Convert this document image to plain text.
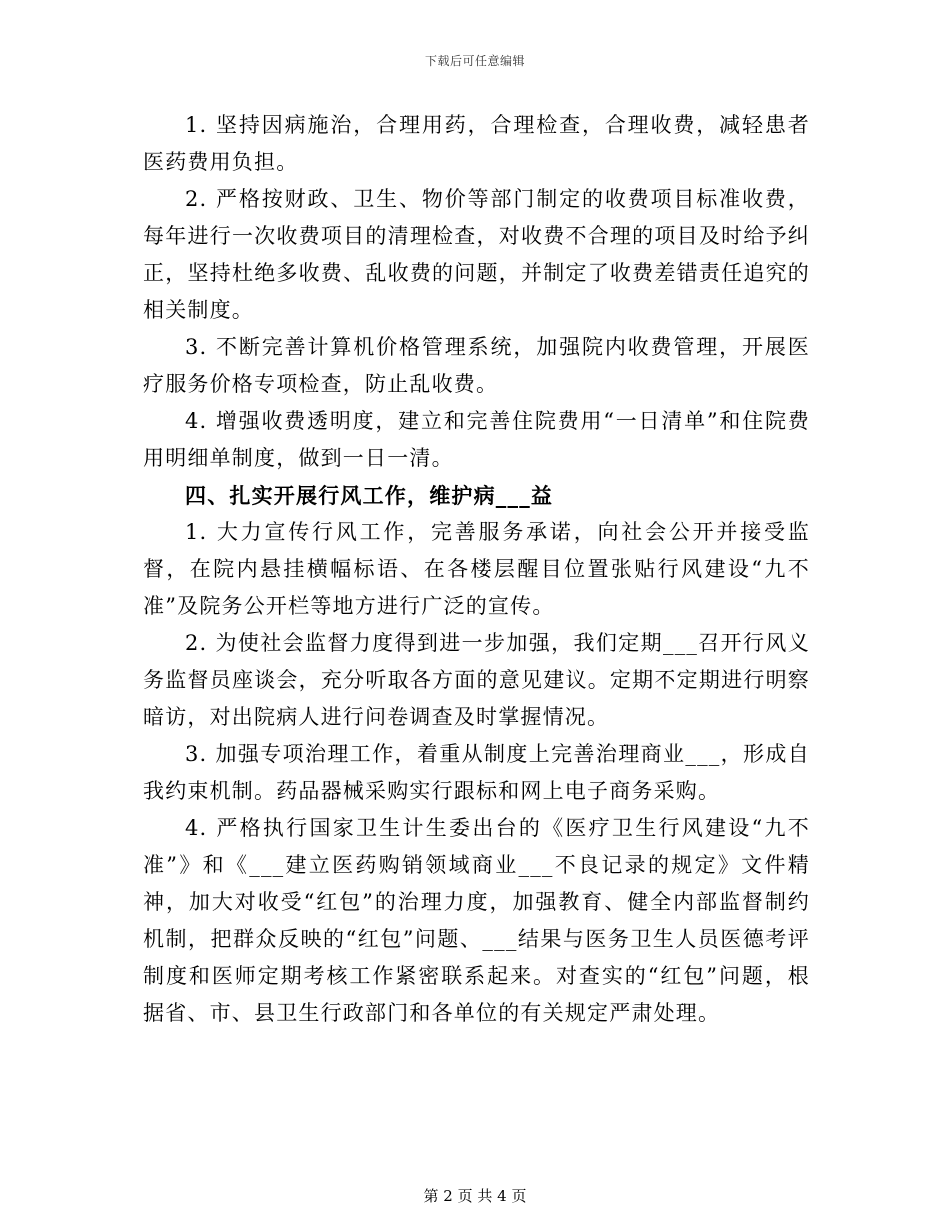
下载后可任意编辑

1. 坚持因病施治，合理用药，合理检查，合理收费，减轻患者医药费用负担。

2. 严格按财政、卫生、物价等部门制定的收费项目标准收费，每年进行一次收费项目的清理检查，对收费不合理的项目及时给予纠正，坚持杜绝多收费、乱收费的问题，并制定了收费差错责任追究的相关制度。

3. 不断完善计算机价格管理系统，加强院内收费管理，开展医疗服务价格专项检查，防止乱收费。

4. 增强收费透明度，建立和完善住院费用“一日清单”和住院费用明细单制度，做到一日一清。

四、扎实开展行风工作，维护病___益

1. 大力宣传行风工作，完善服务承诺，向社会公开并接受监督，在院内悬挂横幅标语、在各楼层醒目位置张贴行风建设“九不准”及院务公开栏等地方进行广泛的宣传。

2. 为使社会监督力度得到进一步加强，我们定期___召开行风义务监督员座谈会，充分听取各方面的意见建议。定期不定期进行明察暗访，对出院病人进行问卷调查及时掌握情况。

3. 加强专项治理工作，着重从制度上完善治理商业___，形成自我约束机制。药品器械采购实行跟标和网上电子商务采购。

4. 严格执行国家卫生计生委出台的《医疗卫生行风建设“九不准”》和《___建立医药购销领域商业___不良记录的规定》文件精神，加大对收受“红包”的治理力度，加强教育、健全内部监督制约机制，把群众反映的“红包”问题、___结果与医务卫生人员医德考评制度和医师定期考核工作紧密联系起来。对查实的“红包”问题，根据省、市、县卫生行政部门和各单位的有关规定严肃处理。

第 2 页 共 4 页
